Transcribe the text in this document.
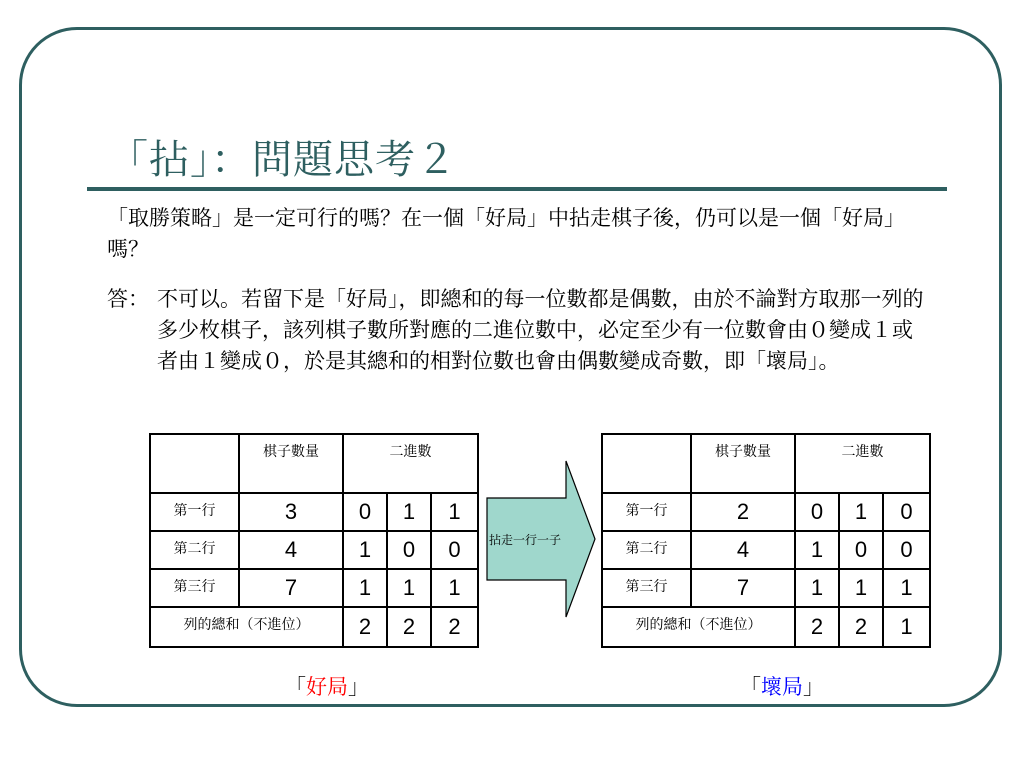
「拈」：問題思考２
「取勝策略」是一定可行的嗎？在一個「好局」中拈走棋子後，仍可以是一個「好局」嗎？
答： 不可以。若留下是「好局」，即總和的每一位數都是偶數，由於不論對方取那一列的多少枚棋子，該列棋子數所對應的二進位數中，必定至少有一位數會由０變成１或者由１變成０，於是其總和的相對位數也會由偶數變成奇數，即「壞局」。
	棋子數量	二進數		
第一行	3	0	1	1
第二行	4	1	0	0
第三行	7	1	1	1
列的總和（不進位）		2	2	2
拈走一行一子
	棋子數量	二進數		
第一行	2	0	1	0
第二行	4	1	0	0
第三行	7	1	1	1
列的總和（不進位）		2	2	1
「好局」	「壞局」
